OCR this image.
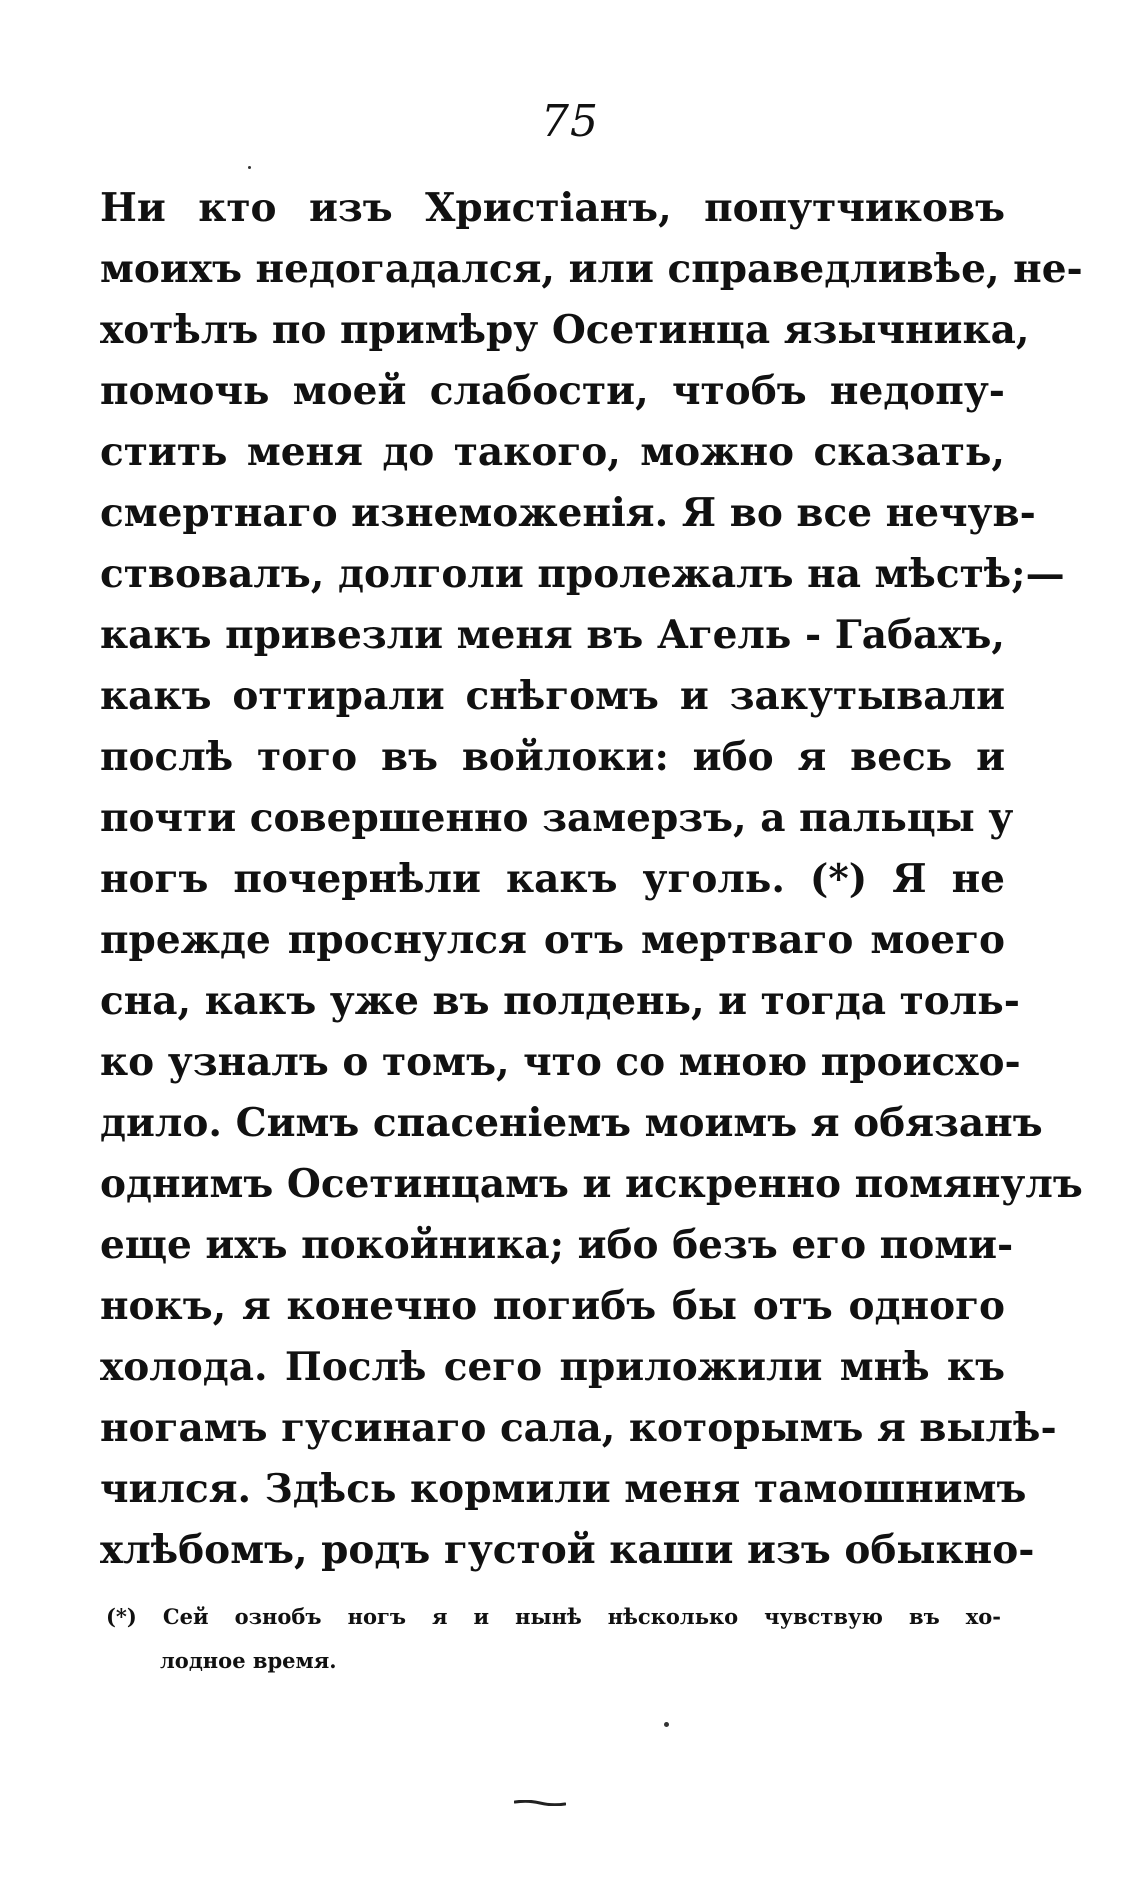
75
Ни кто изъ Христіанъ, попутчиковъ
моихъ недогадался, или справедливѣе, не-
хотѣлъ по примѣру Осетинца язычника,
помочь моей слабости, чтобъ недопу-
стить меня до такого, можно сказать,
смертнаго изнеможенія. Я во все нечув-
ствовалъ, долголи пролежалъ на мѣстѣ;—
какъ привезли меня въ Агель - Габахъ,
какъ оттирали снѣгомъ и закутывали
послѣ того въ войлоки: ибо я весь и
почти совершенно замерзъ, а пальцы у
ногъ почернѣли какъ уголь. (*) Я не
прежде проснулся отъ мертваго моего
сна, какъ уже въ полдень, и тогда толь-
ко узналъ о томъ, что со мною происхо-
дило. Симъ спасеніемъ моимъ я обязанъ
однимъ Осетинцамъ и искренно помянулъ
еще ихъ покойника; ибо безъ его поми-
нокъ, я конечно погибъ бы отъ одного
холода. Послѣ сего приложили мнѣ къ
ногамъ гусинаго сала, которымъ я вылѣ-
чился. Здѣсь кормили меня тамошнимъ
хлѣбомъ, родъ густой каши изъ обыкно-
(*) Сей ознобъ ногъ я и нынѣ нѣсколько чувствую въ хо-
лодное время.
